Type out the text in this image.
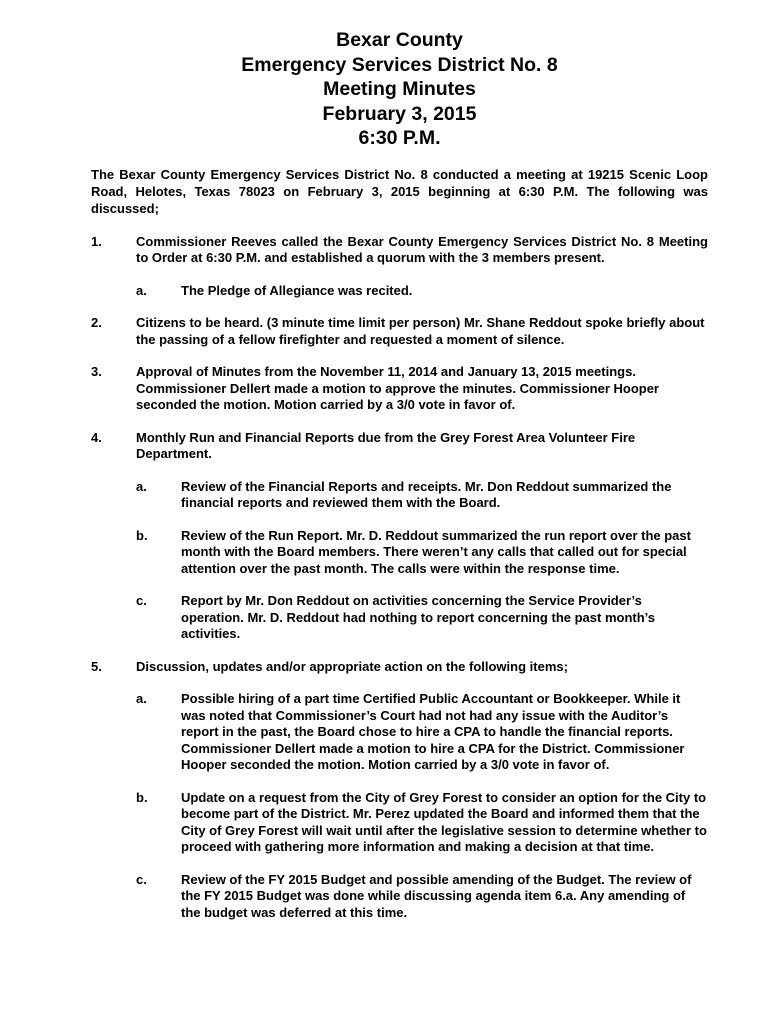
Bexar County
Emergency Services District No. 8
Meeting Minutes
February 3, 2015
6:30 P.M.

The Bexar County Emergency Services District No. 8 conducted a meeting at 19215 Scenic Loop Road, Helotes, Texas 78023 on February 3, 2015 beginning at 6:30 P.M. The following was discussed;

1.	Commissioner Reeves called the Bexar County Emergency Services District No. 8 Meeting to Order at 6:30 P.M. and established a quorum with the 3 members present.

a.	The Pledge of Allegiance was recited.
2.	Citizens to be heard. (3 minute time limit per person) Mr. Shane Reddout spoke briefly about the passing of a fellow firefighter and requested a moment of silence.

3.	Approval of Minutes from the November 11, 2014 and January 13, 2015 meetings. Commissioner Dellert made a motion to approve the minutes. Commissioner Hooper seconded the motion. Motion carried by a 3/0 vote in favor of.

4.	Monthly Run and Financial Reports due from the Grey Forest Area Volunteer Fire Department.

a.	Review of the Financial Reports and receipts. Mr. Don Reddout summarized the financial reports and reviewed them with the Board.
b.	Review of the Run Report. Mr. D. Reddout summarized the run report over the past month with the Board members. There weren’t any calls that called out for special attention over the past month. The calls were within the response time.
c.	Report by Mr. Don Reddout on activities concerning the Service Provider’s operation. Mr. D. Reddout had nothing to report concerning the past month’s activities.
5.	Discussion, updates and/or appropriate action on the following items;

a.	Possible hiring of a part time Certified Public Accountant or Bookkeeper. While it was noted that Commissioner’s Court had not had any issue with the Auditor’s report in the past, the Board chose to hire a CPA to handle the financial reports. Commissioner Dellert made a motion to hire a CPA for the District. Commissioner Hooper seconded the motion. Motion carried by a 3/0 vote in favor of.
b.	Update on a request from the City of Grey Forest to consider an option for the City to become part of the District. Mr. Perez updated the Board and informed them that the City of Grey Forest will wait until after the legislative session to determine whether to proceed with gathering more information and making a decision at that time.
c.	Review of the FY 2015 Budget and possible amending of the Budget. The review of the FY 2015 Budget was done while discussing agenda item 6.a. Any amending of the budget was deferred at this time.
